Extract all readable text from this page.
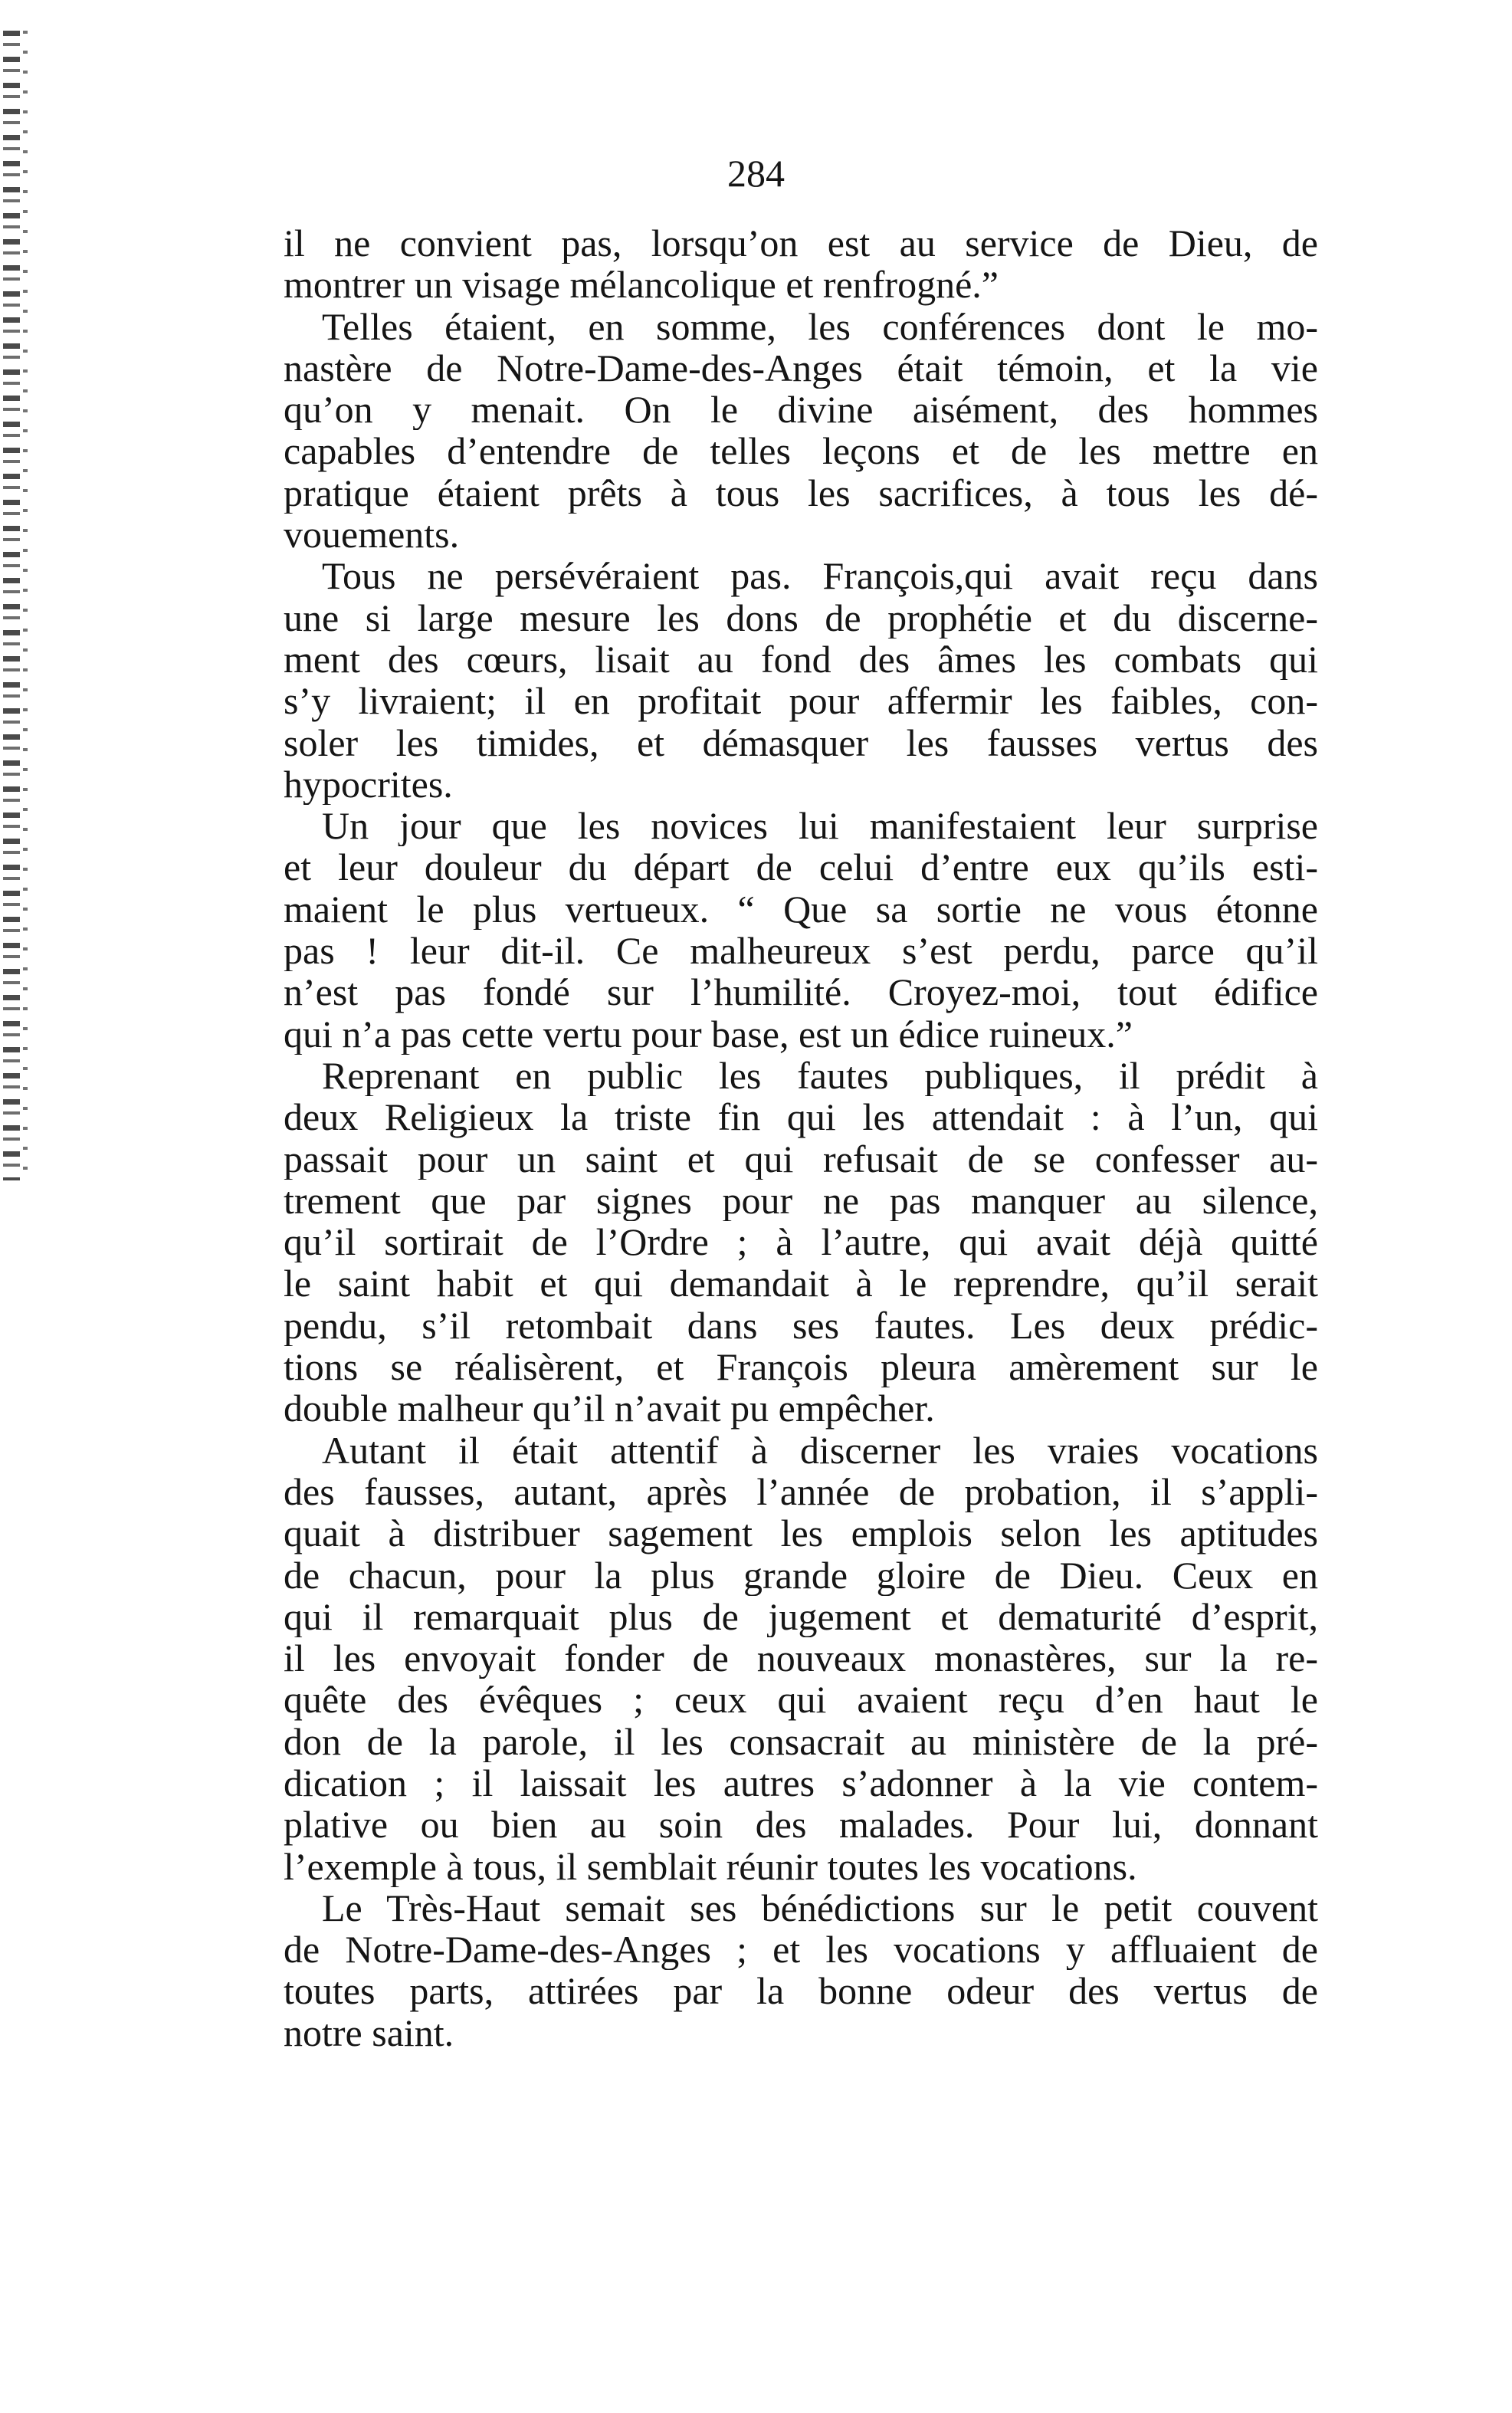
284
il ne convient pas, lorsqu’on est au service de Dieu, de
montrer un visage mélancolique et renfrogné.”
Telles étaient, en somme, les conférences dont le mo-
nastère de Notre-Dame-des-Anges était témoin, et la vie
qu’on y menait. On le divine aisément, des hommes
capables d’entendre de telles leçons et de les mettre en
pratique étaient prêts à tous les sacrifices, à tous les dé-
vouements.
Tous ne persévéraient pas. François,qui avait reçu dans
une si large mesure les dons de prophétie et du discerne-
ment des cœurs, lisait au fond des âmes les combats qui
s’y livraient; il en profitait pour affermir les faibles, con-
soler les timides, et démasquer les fausses vertus des
hypocrites.
Un jour que les novices lui manifestaient leur surprise
et leur douleur du départ de celui d’entre eux qu’ils esti-
maient le plus vertueux. “ Que sa sortie ne vous étonne
pas ! leur dit-il. Ce malheureux s’est perdu, parce qu’il
n’est pas fondé sur l’humilité. Croyez-moi, tout édifice
qui n’a pas cette vertu pour base, est un édice ruineux.”
Reprenant en public les fautes publiques, il prédit à
deux Religieux la triste fin qui les attendait : à l’un, qui
passait pour un saint et qui refusait de se confesser au-
trement que par signes pour ne pas manquer au silence,
qu’il sortirait de l’Ordre ; à l’autre, qui avait déjà quitté
le saint habit et qui demandait à le reprendre, qu’il serait
pendu, s’il retombait dans ses fautes. Les deux prédic-
tions se réalisèrent, et François pleura amèrement sur le
double malheur qu’il n’avait pu empêcher.
Autant il était attentif à discerner les vraies vocations
des fausses, autant, après l’année de probation, il s’appli-
quait à distribuer sagement les emplois selon les aptitudes
de chacun, pour la plus grande gloire de Dieu. Ceux en
qui il remarquait plus de jugement et dematurité d’esprit,
il les envoyait fonder de nouveaux monastères, sur la re-
quête des évêques ; ceux qui avaient reçu d’en haut le
don de la parole, il les consacrait au ministère de la pré-
dication ; il laissait les autres s’adonner à la vie contem-
plative ou bien au soin des malades. Pour lui, donnant
l’exemple à tous, il semblait réunir toutes les vocations.
Le Très-Haut semait ses bénédictions sur le petit couvent
de Notre-Dame-des-Anges ; et les vocations y affluaient de
toutes parts, attirées par la bonne odeur des vertus de
notre saint.
